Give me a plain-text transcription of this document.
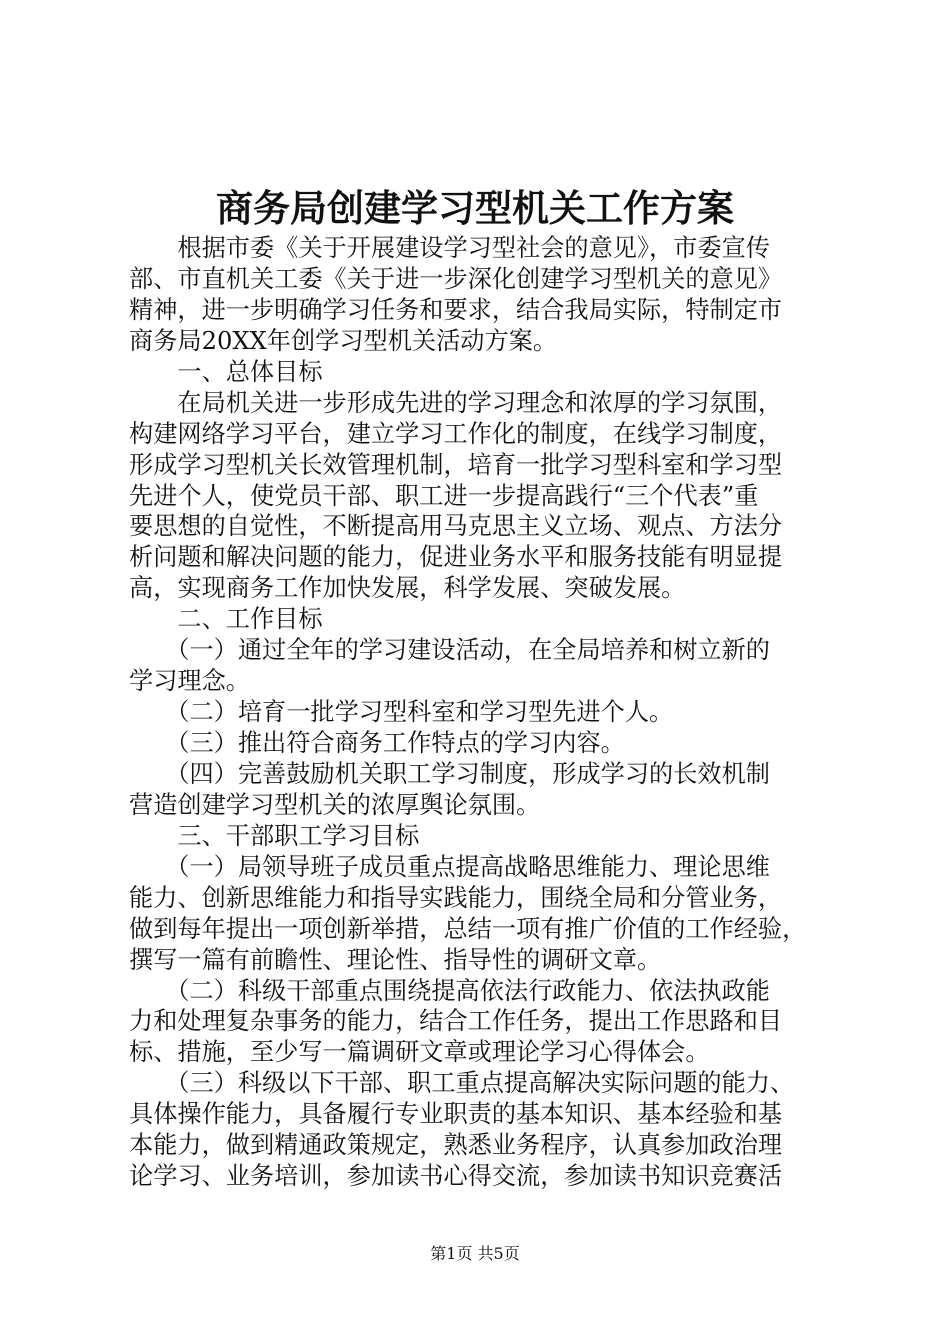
商务局创建学习型机关工作方案
　　根据市委《关于开展建设学习型社会的意见》，市委宣传
部、市直机关工委《关于进一步深化创建学习型机关的意见》
精神，进一步明确学习任务和要求，结合我局实际，特制定市
商务局20XX年创学习型机关活动方案。
　　一、总体目标
　　在局机关进一步形成先进的学习理念和浓厚的学习氛围，
构建网络学习平台，建立学习工作化的制度，在线学习制度，
形成学习型机关长效管理机制，培育一批学习型科室和学习型
先进个人，使党员干部、职工进一步提高践行“三个代表”重
要思想的自觉性，不断提高用马克思主义立场、观点、方法分
析问题和解决问题的能力，促进业务水平和服务技能有明显提
高，实现商务工作加快发展，科学发展、突破发展。
　　二、工作目标
　　（一）通过全年的学习建设活动，在全局培养和树立新的
学习理念。
　　（二）培育一批学习型科室和学习型先进个人。
　　（三）推出符合商务工作特点的学习内容。
　　（四）完善鼓励机关职工学习制度，形成学习的长效机制
营造创建学习型机关的浓厚舆论氛围。
　　三、干部职工学习目标
　　（一）局领导班子成员重点提高战略思维能力、理论思维
能力、创新思维能力和指导实践能力，围绕全局和分管业务，
做到每年提出一项创新举措，总结一项有推广价值的工作经验，
撰写一篇有前瞻性、理论性、指导性的调研文章。
　　（二）科级干部重点围绕提高依法行政能力、依法执政能
力和处理复杂事务的能力，结合工作任务，提出工作思路和目
标、措施，至少写一篇调研文章或理论学习心得体会。
　　（三）科级以下干部、职工重点提高解决实际问题的能力、
具体操作能力，具备履行专业职责的基本知识、基本经验和基
本能力，做到精通政策规定，熟悉业务程序，认真参加政治理
论学习、业务培训，参加读书心得交流，参加读书知识竞赛活
第1页 共5页
